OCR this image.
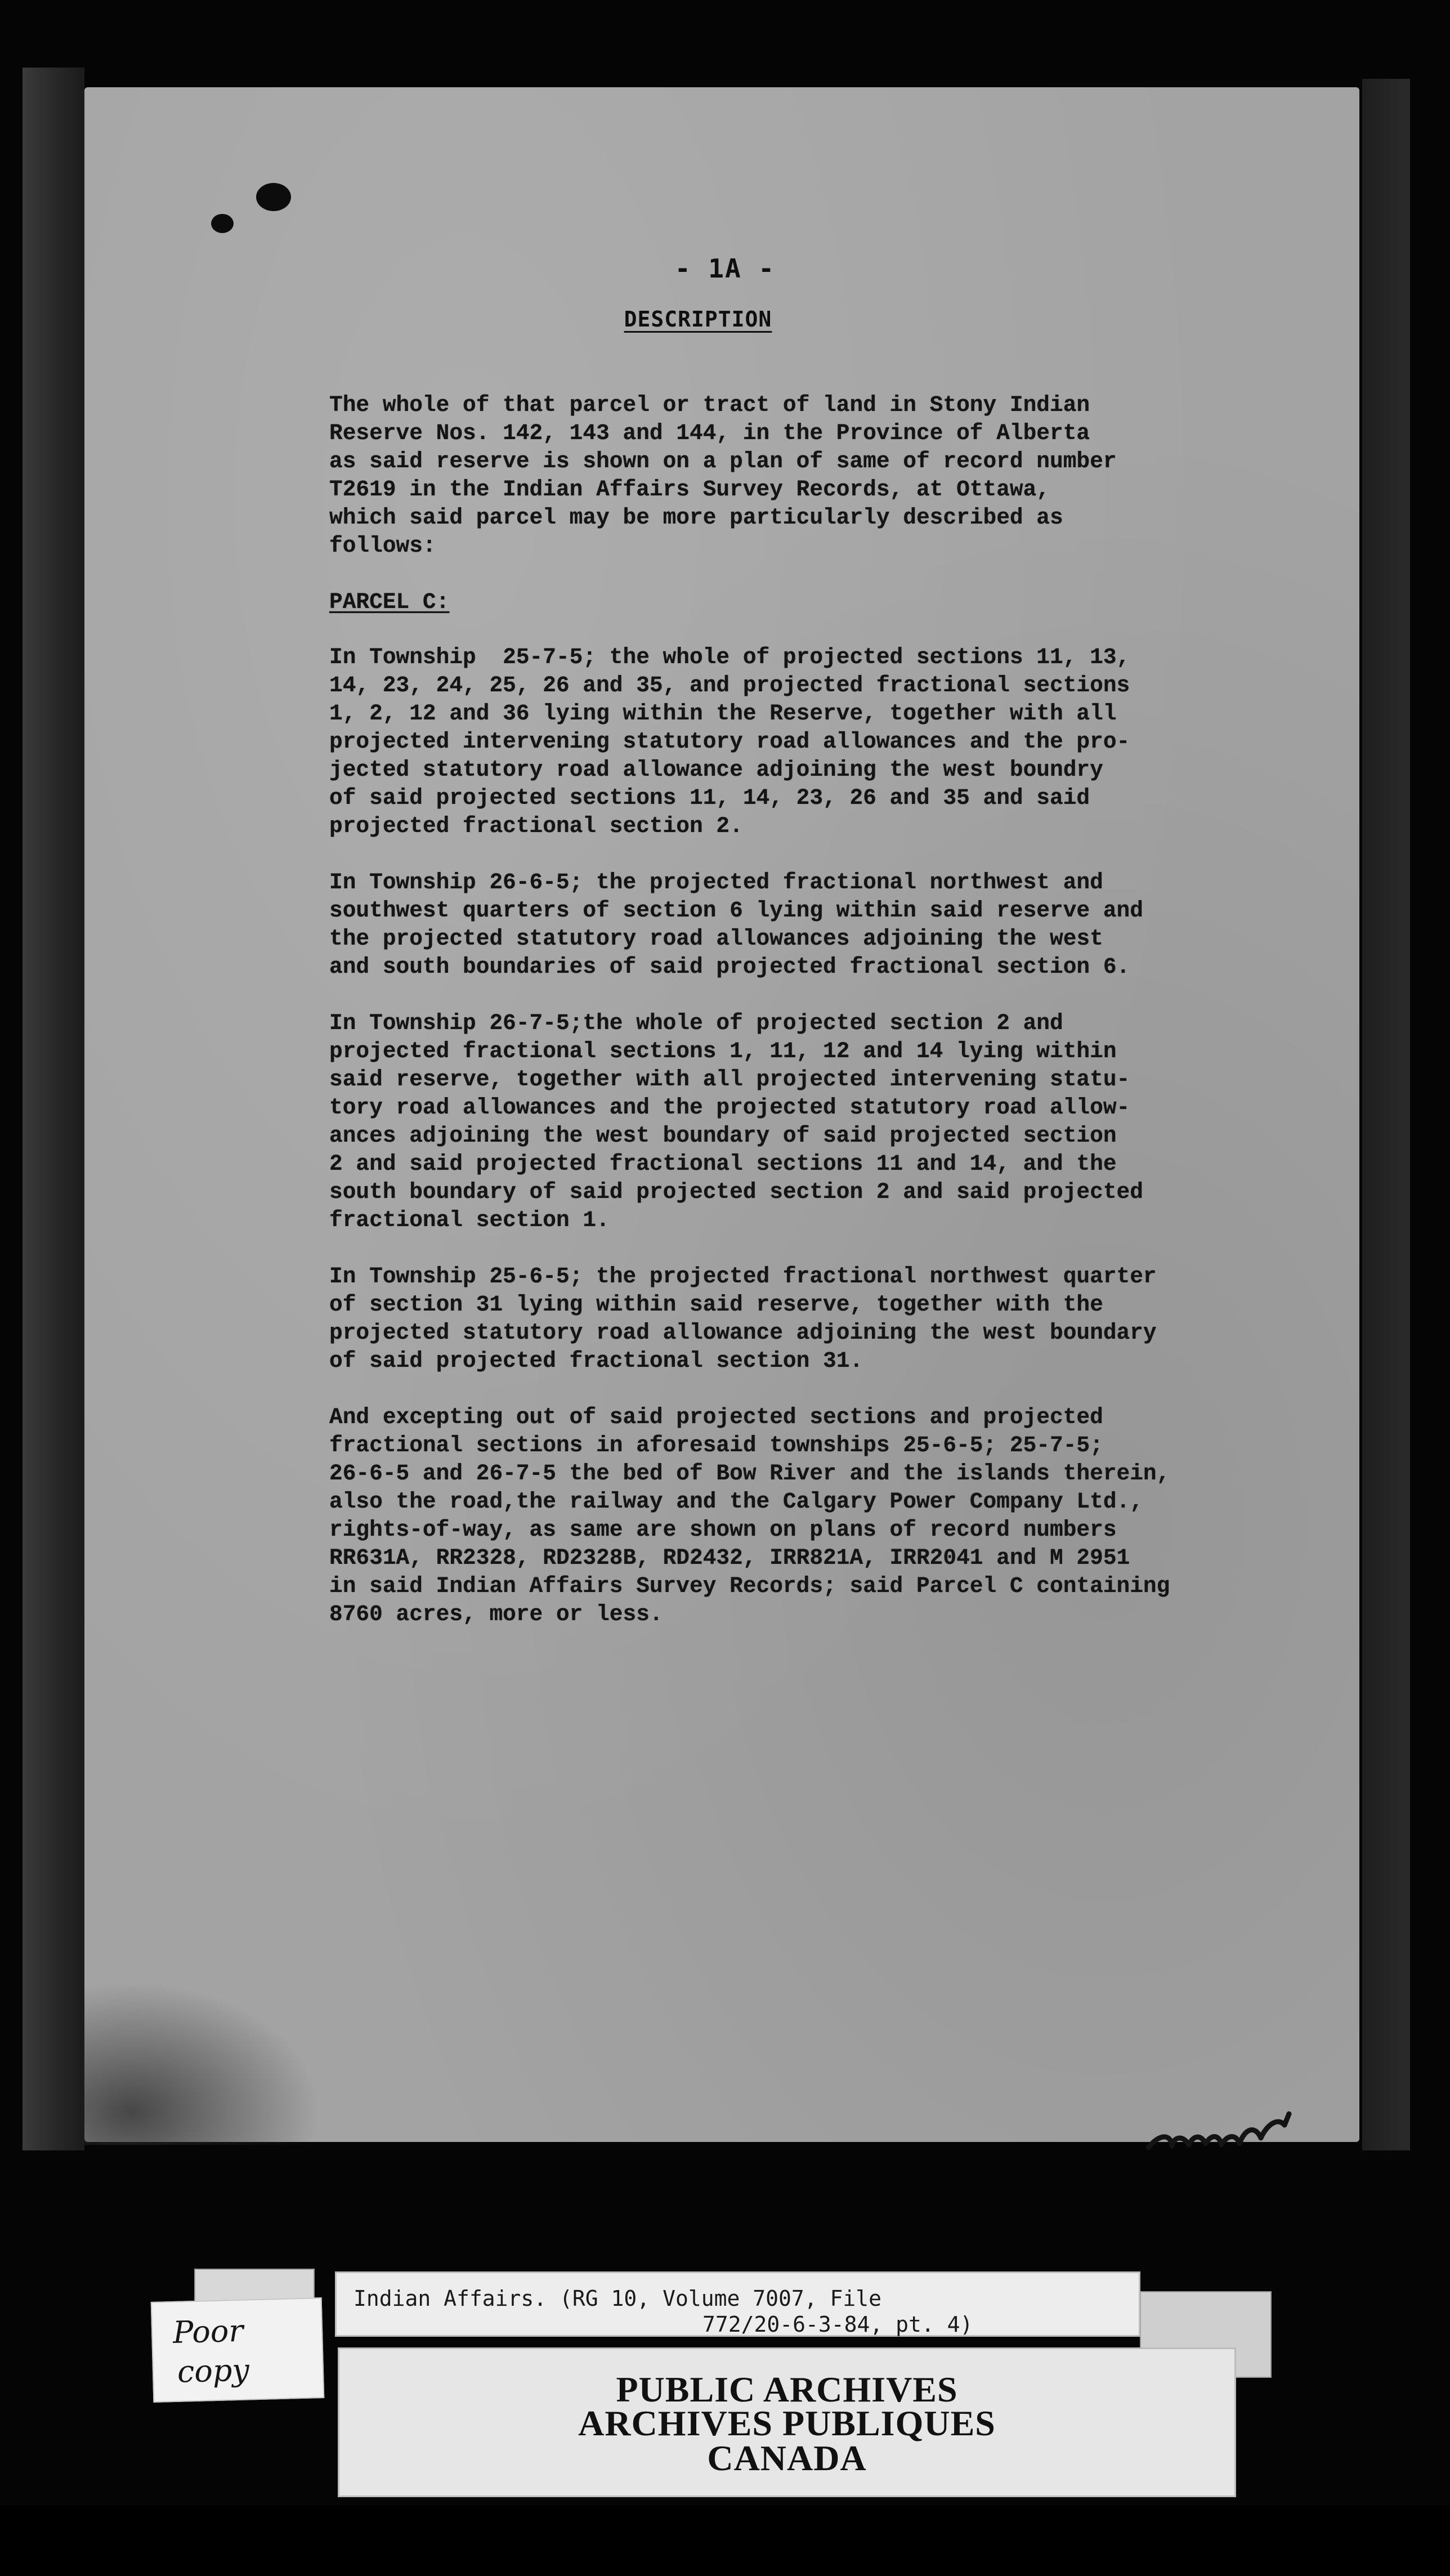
- 1A -
DESCRIPTION
The whole of that parcel or tract of land in Stony Indian
Reserve Nos. 142, 143 and 144, in the Province of Alberta
as said reserve is shown on a plan of same of record number
T2619 in the Indian Affairs Survey Records, at Ottawa,
which said parcel may be more particularly described as
follows:
PARCEL C:
In Township  25-7-5; the whole of projected sections 11, 13,
14, 23, 24, 25, 26 and 35, and projected fractional sections
1, 2, 12 and 36 lying within the Reserve, together with all
projected intervening statutory road allowances and the pro-
jected statutory road allowance adjoining the west boundry
of said projected sections 11, 14, 23, 26 and 35 and said
projected fractional section 2.
In Township 26-6-5; the projected fractional northwest and
southwest quarters of section 6 lying within said reserve and
the projected statutory road allowances adjoining the west
and south boundaries of said projected fractional section 6.
In Township 26-7-5;the whole of projected section 2 and
projected fractional sections 1, 11, 12 and 14 lying within
said reserve, together with all projected intervening statu-
tory road allowances and the projected statutory road allow-
ances adjoining the west boundary of said projected section
2 and said projected fractional sections 11 and 14, and the
south boundary of said projected section 2 and said projected
fractional section 1.
In Township 25-6-5; the projected fractional northwest quarter
of section 31 lying within said reserve, together with the
projected statutory road allowance adjoining the west boundary
of said projected fractional section 31.
And excepting out of said projected sections and projected
fractional sections in aforesaid townships 25-6-5; 25-7-5;
26-6-5 and 26-7-5 the bed of Bow River and the islands therein,
also the road,the railway and the Calgary Power Company Ltd.,
rights-of-way, as same are shown on plans of record numbers
RR631A, RR2328, RD2328B, RD2432, IRR821A, IRR2041 and M 2951
in said Indian Affairs Survey Records; said Parcel C containing
8760 acres, more or less.
Indian Affairs. (RG 10, Volume 7007, File
772/20-6-3-84, pt. 4)
PUBLIC ARCHIVES
ARCHIVES PUBLIQUES
CANADA
Poor
copy
